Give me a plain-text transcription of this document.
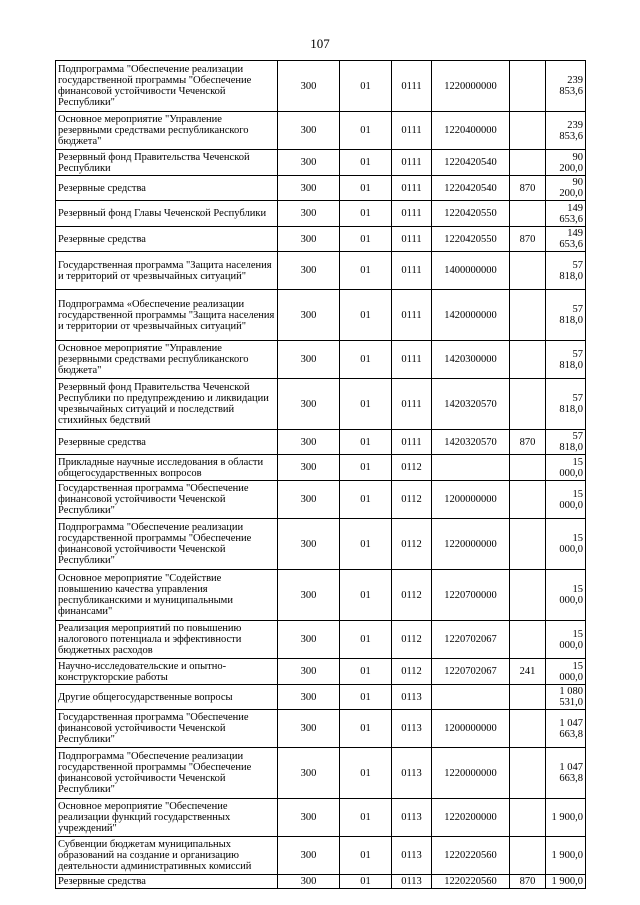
107
Подпрограмма "Обеспечение реализации государственной программы "Обеспечение финансовой устойчивости Чеченской Республики"	300	01	0111	1220000000		239 853,6
Основное мероприятие "Управление резервными средствами республиканского бюджета"	300	01	0111	1220400000		239 853,6
Резервный фонд Правительства Чеченской Республики	300	01	0111	1220420540		90 200,0
Резервные средства	300	01	0111	1220420540	870	90 200,0
Резервный фонд Главы Чеченской Республики	300	01	0111	1220420550		149 653,6
Резервные средства	300	01	0111	1220420550	870	149 653,6
Государственная программа "Защита населения и территорий от чрезвычайных ситуаций"	300	01	0111	1400000000		57 818,0
Подпрограмма «Обеспечение реализации государственной программы "Защита населения и территории от чрезвычайных ситуаций"	300	01	0111	1420000000		57 818,0
Основное мероприятие "Управление резервными средствами республиканского бюджета"	300	01	0111	1420300000		57 818,0
Резервный фонд Правительства Чеченской Республики по предупреждению и ликвидации чрезвычайных ситуаций и последствий стихийных бедствий	300	01	0111	1420320570		57 818,0
Резервные средства	300	01	0111	1420320570	870	57 818,0
Прикладные научные исследования в области общегосударственных вопросов	300	01	0112			15 000,0
Государственная программа "Обеспечение финансовой устойчивости Чеченской Республики"	300	01	0112	1200000000		15 000,0
Подпрограмма "Обеспечение реализации государственной программы "Обеспечение финансовой устойчивости Чеченской Республики"	300	01	0112	1220000000		15 000,0
Основное мероприятие "Содействие повышению качества управления республиканскими и муниципальными финансами"	300	01	0112	1220700000		15 000,0
Реализация мероприятий по повышению налогового потенциала и эффективности бюджетных расходов	300	01	0112	1220702067		15 000,0
Научно-исследовательские и опытно-конструкторские работы	300	01	0112	1220702067	241	15 000,0
Другие общегосударственные вопросы	300	01	0113			1 080 531,0
Государственная программа "Обеспечение финансовой устойчивости Чеченской Республики"	300	01	0113	1200000000		1 047 663,8
Подпрограмма "Обеспечение реализации государственной программы "Обеспечение финансовой устойчивости Чеченской Республики"	300	01	0113	1220000000		1 047 663,8
Основное мероприятие "Обеспечение реализации функций государственных учреждений"	300	01	0113	1220200000		1 900,0
Субвенции бюджетам муниципальных образований на создание и организацию деятельности административных комиссий	300	01	0113	1220220560		1 900,0
Резервные средства	300	01	0113	1220220560	870	1 900,0
